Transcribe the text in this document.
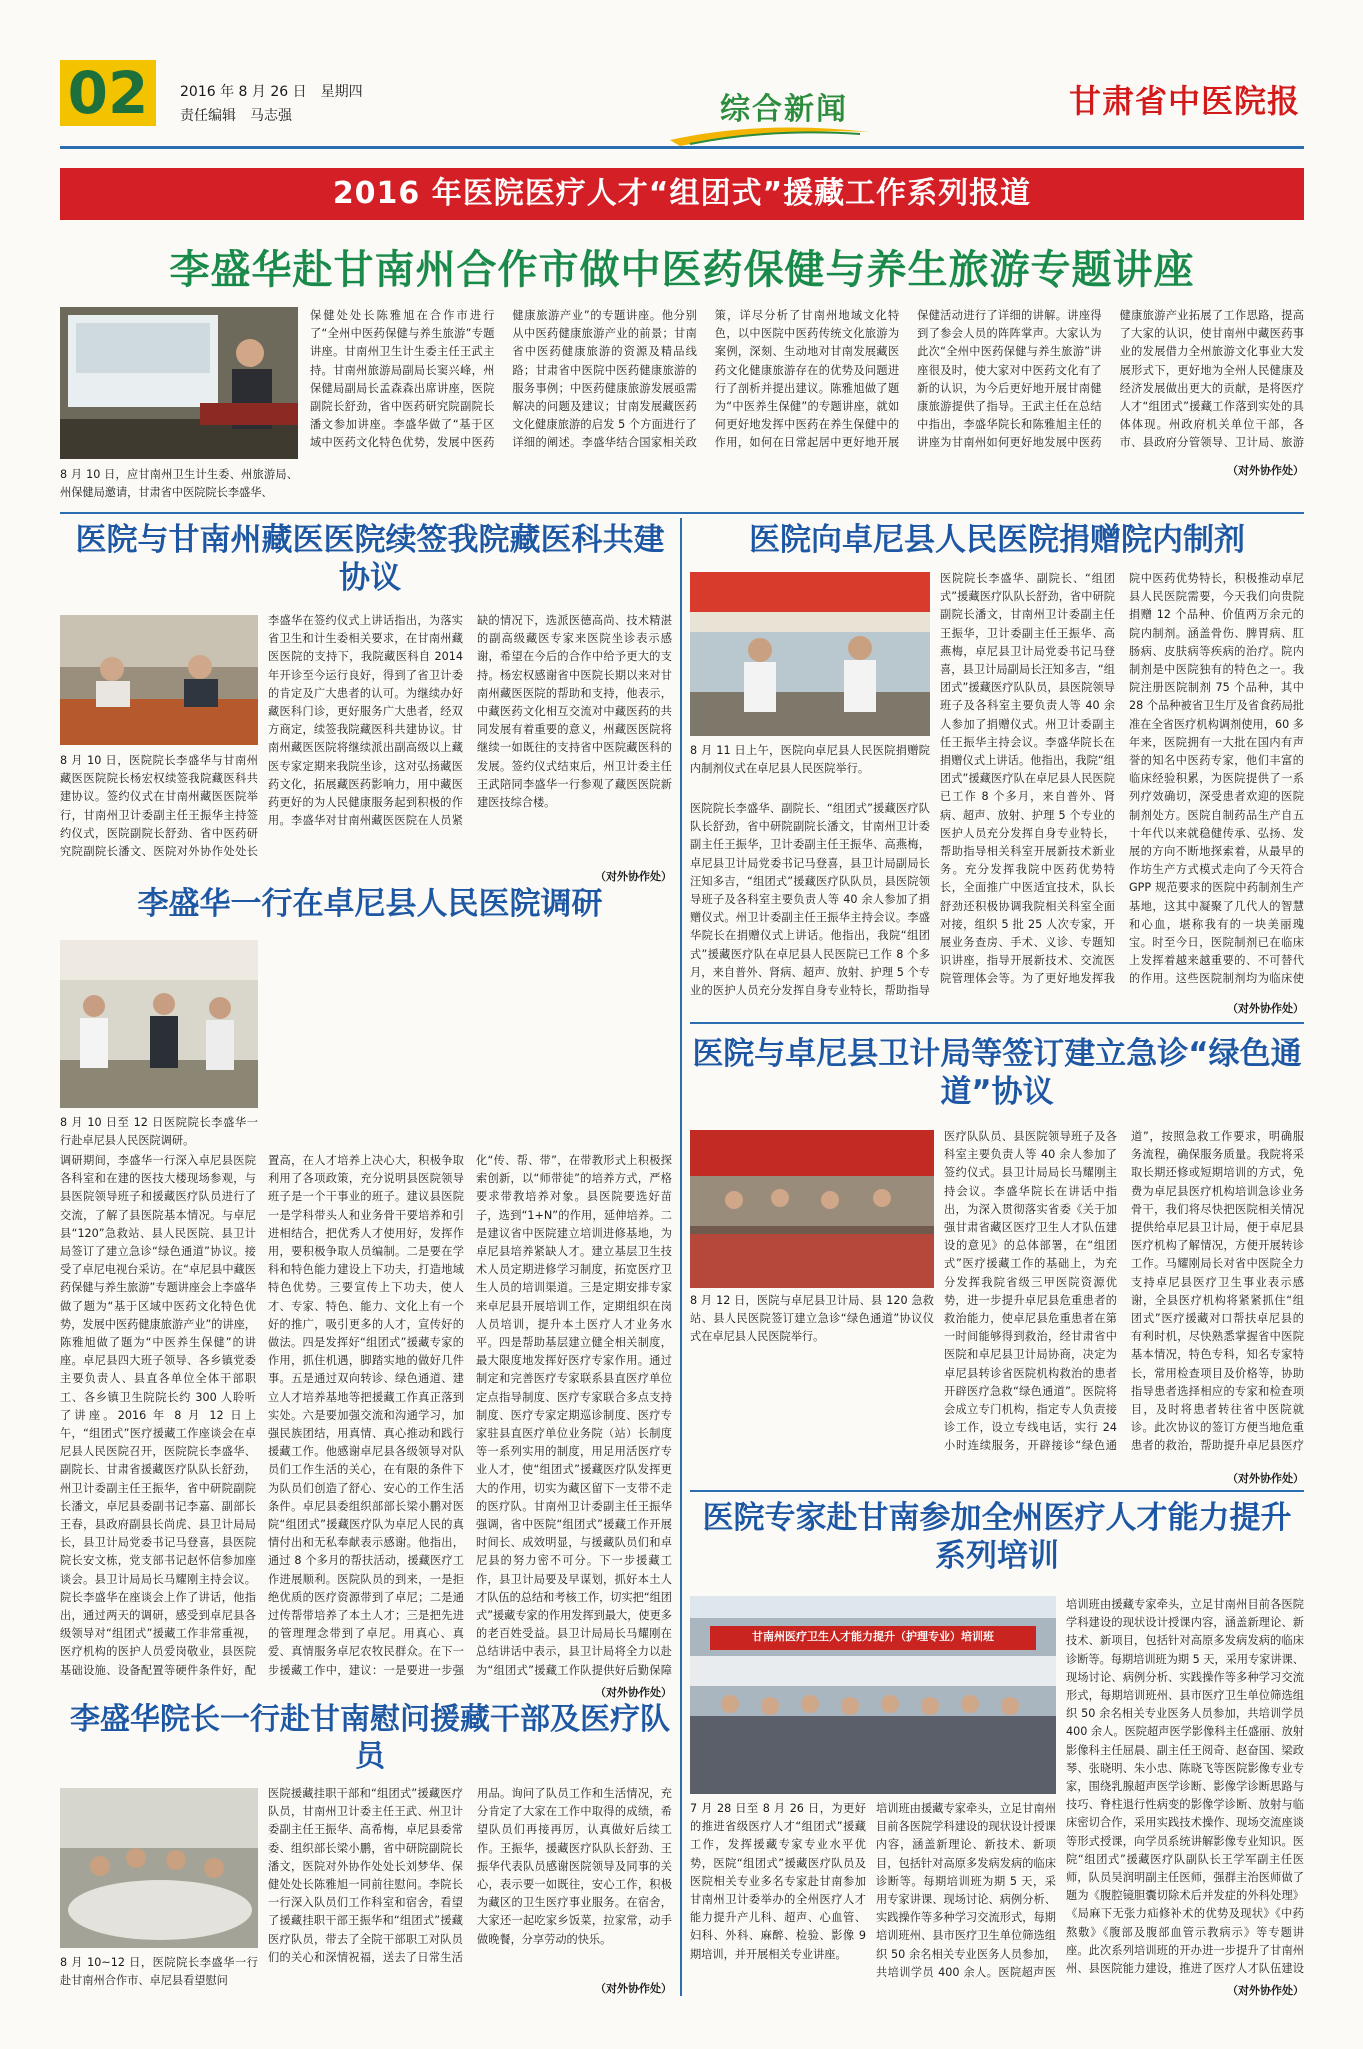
02	2016 年 8 月 26 日　星期四
责任编辑　马志强	综合新闻	甘肃省中医院报
2016 年医院医疗人才“组团式”援藏工作系列报道
李盛华赴甘南州合作市做中医药保健与养生旅游专题讲座
8 月 10 日，应甘南州卫生计生委、州旅游局、州保健局邀请，甘肃省中医院院长李盛华、
保健处处长陈雅旭在合作市进行了“全州中医药保健与养生旅游”专题讲座。甘南州卫生计生委主任王武主持。甘南州旅游局副局长窦兴峰，州保健局副局长孟森森出席讲座，医院副院长舒劲，省中医药研究院副院长潘文参加讲座。李盛华做了“基于区域中医药文化特色优势，发展中医药健康旅游产业”的专题讲座。他分别从中医药健康旅游产业的前景；甘南省中医药健康旅游的资源及精品线路；甘肃省中医院中医药健康旅游的服务事例；中医药健康旅游发展亟需解决的问题及建议；甘南发展藏医药文化健康旅游的启发 5 个方面进行了详细的阐述。李盛华结合国家相关政策，详尽分析了甘南州地域文化特色，以中医院中医药传统文化旅游为案例，深刻、生动地对甘南发展藏医药文化健康旅游存在的优势及问题进行了剖析并提出建议。陈雅旭做了题为“中医养生保健”的专题讲座，就如何更好地发挥中医药在养生保健中的作用，如何在日常起居中更好地开展保健活动进行了详细的讲解。讲座得到了参会人员的阵阵掌声。大家认为此次“全州中医药保健与养生旅游”讲座很及时，使大家对中医药文化有了新的认识，为今后更好地开展甘南健康旅游提供了指导。王武主任在总结中指出，李盛华院长和陈雅旭主任的讲座为甘南州如何更好地发展中医药健康旅游产业拓展了工作思路，提高了大家的认识，使甘南州中藏医药事业的发展借力全州旅游文化事业大发展形式下，更好地为全州人民健康及经济发展做出更大的贡献，是将医疗人才“组团式”援藏工作落到实处的具体体现。州政府机关单位干部，各市、县政府分管领导、卫计局、旅游
（对外协作处）
医院与甘南州藏医医院续签我院藏医科共建协议
8 月 10 日，医院院长李盛华与甘南州藏医医院院长杨宏权续签我院藏医科共建协议。签约仪式在甘南州藏医医院举行，甘南州卫计委副主任王振华主持签约仪式，医院副院长舒劲、省中医药研究院副院长潘文、医院对外协作处处长
李盛华在签约仪式上讲话指出，为落实省卫生和计生委相关要求，在甘南州藏医医院的支持下，我院藏医科自 2014 年开诊至今运行良好，得到了省卫计委的肯定及广大患者的认可。为继续办好藏医科门诊，更好服务广大患者，经双方商定，续签我院藏医科共建协议。甘南州藏医医院将继续派出副高级以上藏医专家定期来我院坐诊，这对弘扬藏医药文化，拓展藏医药影响力，用中藏医药更好的为人民健康服务起到积极的作用。李盛华对甘南州藏医医院在人员紧缺的情况下，选派医德高尚、技术精湛的副高级藏医专家来医院坐诊表示感谢，希望在今后的合作中给予更大的支持。杨宏权感谢省中医院长期以来对甘南州藏医医院的帮助和支持，他表示，中藏医药文化相互交流对中藏医药的共同发展有着重要的意义，州藏医医院将继续一如既往的支持省中医院藏医科的发展。签约仪式结束后，州卫计委主任王武陪同李盛华一行参观了藏医医院新建医技综合楼。
（对外协作处）
李盛华一行在卓尼县人民医院调研
8 月 10 日至 12 日医院院长李盛华一行赴卓尼县人民医院调研。
调研期间，李盛华一行深入卓尼县医院各科室和在建的医技大楼现场参观，与县医院领导班子和援藏医疗队员进行了交流，了解了县医院基本情况。与卓尼县“120”急救站、县人民医院、县卫计局签订了建立急诊“绿色通道”协议。接受了卓尼电视台采访。在“卓尼县中藏医药保健与养生旅游”专题讲座会上李盛华做了题为“基于区域中医药文化特色优势，发展中医药健康旅游产业”的讲座，陈雅旭做了题为“中医养生保健”的讲座。卓尼县四大班子领导、各乡镇党委主要负责人、县直各单位全体干部职工、各乡镇卫生院院长约 300 人聆听了讲座。2016 年 8 月 12 日上午，“组团式”医疗援藏工作座谈会在卓尼县人民医院召开，医院院长李盛华、副院长、甘肃省援藏医疗队队长舒劲，州卫计委副主任王振华，省中研院副院长潘文，卓尼县委副书记李嘉、副部长王春，县政府副县长尚虎、县卫计局局长，县卫计局党委书记马登喜，县医院院长安文栋，党支部书记赵怀信参加座谈会。县卫计局局长马耀刚主持会议。院长李盛华在座谈会上作了讲话，他指出，通过两天的调研，感受到卓尼县各级领导对“组团式”援藏工作非常重视，医疗机构的医护人员爱岗敬业，县医院基础设施、设备配置等硬件条件好，配置高，在人才培养上决心大，积极争取利用了各项政策，充分说明县医院领导班子是一个干事业的班子。建议县医院一是学科带头人和业务骨干要培养和引进相结合，把优秀人才使用好，发挥作用，要积极争取人员编制。二是要在学科和特色能力建设上下功夫，打造地域特色优势。三要宣传上下功夫，使人才、专家、特色、能力、文化上有一个好的推广，吸引更多的人才，宣传好的做法。四是发挥好“组团式”援藏专家的作用，抓住机遇，脚踏实地的做好几件事。五是通过双向转诊、绿色通道、建立人才培养基地等把援藏工作真正落到实处。六是要加强交流和沟通学习，加强民族团结，用真情、真心推动和践行援藏工作。他感谢卓尼县各级领导对队员们工作生活的关心，在有限的条件下为队员们创造了舒心、安心的工作生活条件。卓尼县委组织部部长梁小鹏对医院“组团式”援藏医疗队为卓尼人民的真情付出和无私奉献表示感谢。他指出，通过 8 个多月的帮扶活动，援藏医疗工作进展顺利。医院队员的到来，一是拒绝优质的医疗资源带到了卓尼；二是通过传帮带培养了本土人才；三是把先进的管理理念带到了卓尼。用真心、真爱、真情服务卓尼农牧民群众。在下一步援藏工作中，建议：一是要进一步强化“传、帮、带”，在带教形式上积极探索创新，以“师带徒”的培养方式，严格要求带教培养对象。县医院要选好苗子，选到“1+N”的作用，延伸培养。二是建议省中医院建立培训进修基地，为卓尼县培养紧缺人才。建立基层卫生技术人员定期进修学习制度，拓宽医疗卫生人员的培训渠道。三是定期安排专家来卓尼县开展培训工作，定期组织在岗人员培训，提升本土医疗人才业务水平。四是帮助基层建立健全相关制度，最大限度地发挥好医疗专家作用。通过制定和完善医疗专家联系县直医疗单位定点指导制度、医疗专家联合多点支持制度、医疗专家定期巡诊制度、医疗专家驻县直医疗单位业务院（站）长制度等一系列实用的制度，用足用活医疗专业人才，使“组团式”援藏医疗队发挥更大的作用，切实为藏区留下一支带不走的医疗队。甘南州卫计委副主任王振华强调，省中医院“组团式”援藏工作开展时间长、成效明显，与援藏队员们和卓尼县的努力密不可分。下一步援藏工作，县卫计局要及早谋划，抓好本土人才队伍的总结和考核工作，切实把“组团式”援藏专家的作用发挥到最大，使更多的老百姓受益。县卫计局局长马耀刚在总结讲话中表示，县卫计局将全力以赴为“组团式”援藏工作队提供好后勤保障
（对外协作处）
李盛华院长一行赴甘南慰问援藏干部及医疗队员
8 月 10~12 日，医院院长李盛华一行赴甘南州合作市、卓尼县看望慰问
医院援藏挂职干部和“组团式”援藏医疗队员，甘南州卫计委主任王武、州卫计委副主任王振华、高希梅，卓尼县委常委、组织部长梁小鹏，省中研院副院长潘文，医院对外协作处处长刘梦华、保健处处长陈雅旭一同前往慰问。李院长一行深入队员们工作科室和宿舍，看望了援藏挂职干部王振华和“组团式”援藏医疗队员，带去了全院干部职工对队员们的关心和深情祝福，送去了日常生活用品。询问了队员工作和生活情况，充分肯定了大家在工作中取得的成绩，希望队员们再接再厉，认真做好后续工作。王振华，援藏医疗队队长舒劲、王振华代表队员感谢医院领导及同事的关心，表示要一如既往，安心工作，积极为藏区的卫生医疗事业服务。在宿舍，大家还一起吃家乡饭菜，拉家常，动手做晚餐，分享劳动的快乐。
（对外协作处）
医院向卓尼县人民医院捐赠院内制剂
8 月 11 日上午，医院向卓尼县人民医院捐赠院内制剂仪式在卓尼县人民医院举行。
医院院长李盛华、副院长、“组团式”援藏医疗队队长舒劲，省中研院副院长潘文，甘南州卫计委副主任王振华，卫计委副主任王振华、高燕梅，卓尼县卫计局党委书记马登喜，县卫计局副局长汪知多吉，“组团式”援藏医疗队队员，县医院领导班子及各科室主要负责人等 40 余人参加了捐赠仪式。州卫计委副主任王振华主持会议。李盛华院长在捐赠仪式上讲话。他指出，我院“组团式”援藏医疗队在卓尼县人民医院已工作 8 个多月，来自普外、肾病、超声、放射、护理 5 个专业的医护人员充分发挥自身专业特长，帮助指导
医院院长李盛华、副院长、“组团式”援藏医疗队队长舒劲，省中研院副院长潘文，甘南州卫计委副主任王振华，卫计委副主任王振华、高燕梅，卓尼县卫计局党委书记马登喜，县卫计局副局长汪知多吉，“组团式”援藏医疗队队员，县医院领导班子及各科室主要负责人等 40 余人参加了捐赠仪式。州卫计委副主任王振华主持会议。李盛华院长在捐赠仪式上讲话。他指出，我院“组团式”援藏医疗队在卓尼县人民医院已工作 8 个多月，来自普外、肾病、超声、放射、护理 5 个专业的医护人员充分发挥自身专业特长，帮助指导相关科室开展新技术新业务。充分发挥我院中医药优势特长，全面推广中医适宜技术，队长舒劲还积极协调我院相关科室全面对接，组织 5 批 25 人次专家，开展业务查房、手术、义诊、专题知识讲座，指导开展新技术、交流医院管理体会等。为了更好地发挥我院中医药优势特长，积极推动卓尼县人民医院需要，今天我们向贵院捐赠 12 个品种、价值两万余元的院内制剂。涵盖骨伤、脾胃病、肛肠病、皮肤病等疾病的治疗。院内制剂是中医院独有的特色之一。我院注册医院制剂 75 个品种，其中 28 个品种被省卫生厅及省食药局批准在全省医疗机构调剂使用，60 多年来，医院拥有一大批在国内有声誉的知名中医药专家，他们丰富的临床经验积累，为医院提供了一系列疗效确切，深受患者欢迎的医院制剂处方。医院自制药品生产自五十年代以来就稳健传承、弘扬、发展的方向不断地探索着，从最早的作坊生产方式模式走向了今天符合 GPP 规范要求的医院中药制剂生产基地，这其中凝聚了几代人的智慧和心血，堪称我有的一块美丽瑰宝。时至今日，医院制剂已在临床上发挥着越来越重要的、不可替代的作用。这些医院制剂均为临床使
（对外协作处）
医院与卓尼县卫计局等签订建立急诊“绿色通道”协议
8 月 12 日，医院与卓尼县卫计局、县 120 急救站、县人民医院签订建立急诊“绿色通道”协议仪式在卓尼县人民医院举行。
医疗队队员、县医院领导班子及各科室主要负责人等 40 余人参加了签约仪式。县卫计局局长马耀刚主持会议。李盛华院长在讲话中指出，为深入贯彻落实省委《关于加强甘肃省藏区医疗卫生人才队伍建设的意见》的总体部署，在“组团式”医疗援藏工作的基础上，为充分发挥我院省级三甲医院资源优势，进一步提升卓尼县危重患者的救治能力，使卓尼县危重患者在第一时间能够得到救治，经甘肃省中医院和卓尼县卫计局协商，决定为卓尼县转诊省医院机构救治的患者开辟医疗急救“绿色通道”。医院将会成立专门机构，指定专人负责接诊工作，设立专线电话，实行 24 小时连续服务，开辟接诊“绿色通道”，按照急救工作要求，明确服务流程，确保服务质量。我院将采取长期还修或短期培训的方式，免费为卓尼县医疗机构培训急诊业务骨干，我们将尽快把医院相关情况提供给卓尼县卫计局，便于卓尼县医疗机构了解情况，方便开展转诊工作。马耀刚局长对省中医院全力支持卓尼县医疗卫生事业表示感谢，全县医疗机构将紧紧抓住“组团式”医疗援藏对口帮扶卓尼县的有利时机，尽快熟悉掌握省中医院基本情况，特色专科，知名专家特长，常用检查项目及价格等，协助指导患者选择相应的专家和检查项目，及时将患者转往省中医院就诊。此次协议的签订方便当地危重患者的救治，帮助提升卓尼县医疗
（对外协作处）
医院专家赴甘南参加全州医疗人才能力提升系列培训
甘南州医疗卫生人才能力提升（护理专业）培训班
7 月 28 日至 8 月 26 日，为更好的推进省级医疗人才“组团式”援藏工作，发挥援藏专家专业水平优势，医院“组团式”援藏医疗队员及医院相关专业多名专家赴甘南参加甘南州卫计委举办的全州医疗人才能力提升产儿科、超声、心血管、妇科、外科、麻醉、检验、影像 9 期培训，并开展相关专业讲座。
培训班由援藏专家牵头，立足甘南州目前各医院学科建设的现状设计授课内容，涵盖新理论、新技术、新项目，包括针对高原多发病发病的临床诊断等。每期培训班为期 5 天，采用专家讲课、现场讨论、病例分析、实践操作等多种学习交流形式，每期培训班州、县市医疗卫生单位筛选组织 50 余名相关专业医务人员参加，共培训学员 400 余人。医院超声医
培训班由援藏专家牵头，立足甘南州目前各医院学科建设的现状设计授课内容，涵盖新理论、新技术、新项目，包括针对高原多发病发病的临床诊断等。每期培训班为期 5 天，采用专家讲课、现场讨论、病例分析、实践操作等多种学习交流形式，每期培训班州、县市医疗卫生单位筛选组织 50 余名相关专业医务人员参加，共培训学员 400 余人。医院超声医学影像科主任盛丽、放射影像科主任屈晨、副主任王阅奇、赵奋国、梁政琴、张晓明、朱小忠、陈晓飞等医院影像专业专家，围绕乳腺超声医学诊断、影像学诊断思路与技巧、脊柱退行性病变的影像学诊断、放射与临床密切合作，采用实践技术操作、现场交流座谈等形式授课，向学员系统讲解影像专业知识。医院“组团式”援藏医疗队副队长王学军副主任医师，队员吴润明副主任医师，强群主治医师做了题为《腹腔镜胆囊切除术后并发症的外科处理》《局麻下无张力疝修补术的优势及现状》《中药熬敷》《腹部及腹部血管示教病示》等专题讲座。此次系列培训班的开办进一步提升了甘南州州、县医院能力建设，推进了医疗人才队伍建设
（对外协作处）
